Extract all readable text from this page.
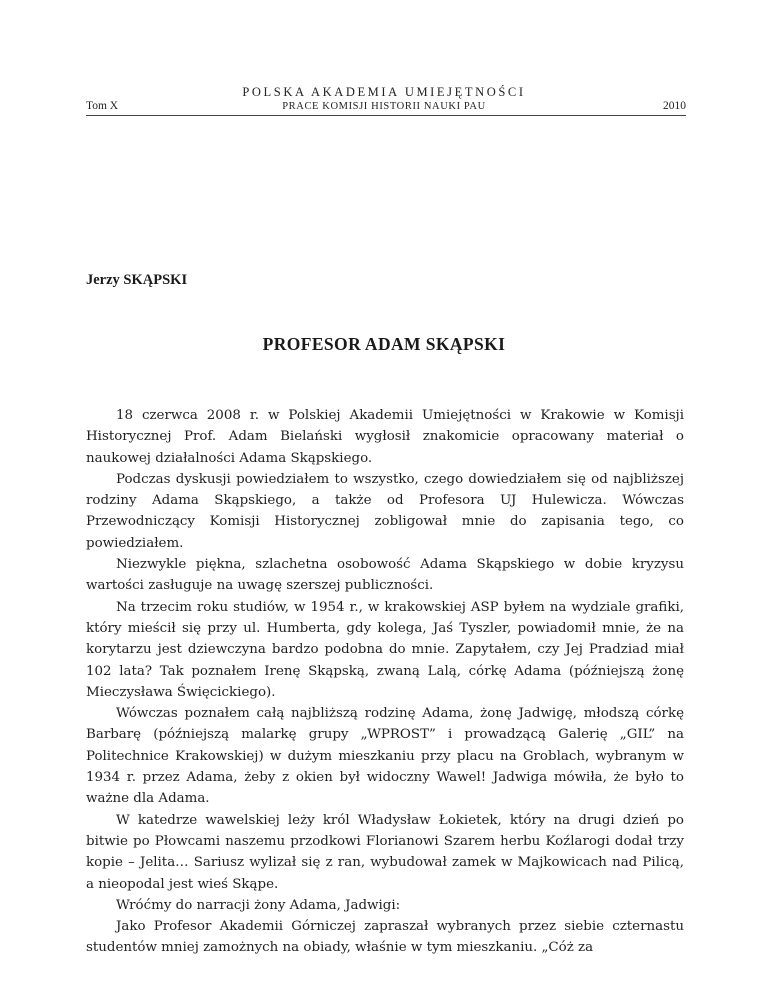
POLSKA AKADEMIA UMIEJĘTNOŚCI
PRACE KOMISJI HISTORII NAUKI PAU
Tom X	2010
Jerzy SKĄPSKI
PROFESOR ADAM SKĄPSKI

18 czerwca 2008 r. w Polskiej Akademii Umiejętności w Krakowie w Komisji Historycznej Prof. Adam Bielański wygłosił znakomicie opracowany materiał o naukowej działalności Adama Skąpskiego.

Podczas dyskusji powiedziałem to wszystko, czego dowiedziałem się od najbliższej rodziny Adama Skąpskiego, a także od Profesora UJ Hulewicza. Wówczas Przewodniczący Komisji Historycznej zobligował mnie do zapisania tego, co powiedziałem.

Niezwykle piękna, szlachetna osobowość Adama Skąpskiego w dobie kryzysu wartości zasługuje na uwagę szerszej publiczności.

Na trzecim roku studiów, w 1954 r., w krakowskiej ASP byłem na wydziale grafiki, który mieścił się przy ul. Humberta, gdy kolega, Jaś Tyszler, powiadomił mnie, że na korytarzu jest dziewczyna bardzo podobna do mnie. Zapytałem, czy Jej Pradziad miał 102 lata? Tak poznałem Irenę Skąpską, zwaną Lalą, córkę Adama (późniejszą żonę Mieczysława Święcickiego).

Wówczas poznałem całą najbliższą rodzinę Adama, żonę Jadwigę, młodszą córkę Barbarę (późniejszą malarkę grupy „WPROST” i prowadzącą Galerię „GIL” na Politechnice Krakowskiej) w dużym mieszkaniu przy placu na Groblach, wybranym w 1934 r. przez Adama, żeby z okien był widoczny Wawel! Jadwiga mówiła, że było to ważne dla Adama.

W katedrze wawelskiej leży król Władysław Łokietek, który na drugi dzień po bitwie po Płowcami naszemu przodkowi Florianowi Szarem herbu Koźlarogi dodał trzy kopie – Jelita… Sariusz wylizał się z ran, wybudował zamek w Majkowicach nad Pilicą, a nieopodal jest wieś Skąpe.

Wróćmy do narracji żony Adama, Jadwigi:

Jako Profesor Akademii Górniczej zapraszał wybranych przez siebie czternastu studentów mniej zamożnych na obiady, właśnie w tym mieszkaniu. „Cóż za
